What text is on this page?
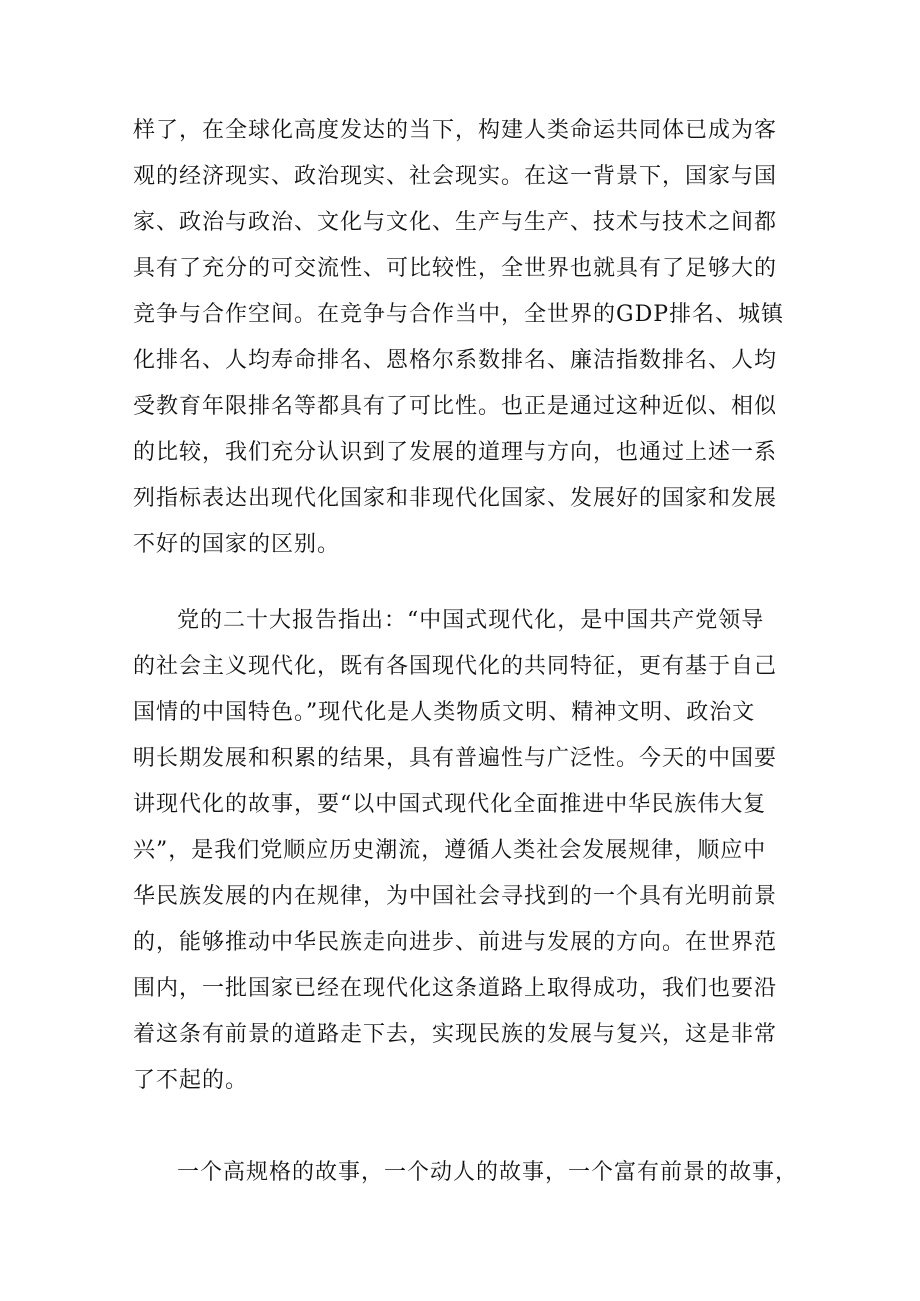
样了，在全球化高度发达的当下，构建人类命运共同体已成为客
观的经济现实、政治现实、社会现实。在这一背景下，国家与国
家、政治与政治、文化与文化、生产与生产、技术与技术之间都
具有了充分的可交流性、可比较性，全世界也就具有了足够大的
竞争与合作空间。在竞争与合作当中，全世界的GDP排名、城镇
化排名、人均寿命排名、恩格尔系数排名、廉洁指数排名、人均
受教育年限排名等都具有了可比性。也正是通过这种近似、相似
的比较，我们充分认识到了发展的道理与方向，也通过上述一系
列指标表达出现代化国家和非现代化国家、发展好的国家和发展
不好的国家的区别。
党的二十大报告指出：“中国式现代化，是中国共产党领导
的社会主义现代化，既有各国现代化的共同特征，更有基于自己
国情的中国特色。”现代化是人类物质文明、精神文明、政治文
明长期发展和积累的结果，具有普遍性与广泛性。今天的中国要
讲现代化的故事，要“以中国式现代化全面推进中华民族伟大复
兴”，是我们党顺应历史潮流，遵循人类社会发展规律，顺应中
华民族发展的内在规律，为中国社会寻找到的一个具有光明前景
的，能够推动中华民族走向进步、前进与发展的方向。在世界范
围内，一批国家已经在现代化这条道路上取得成功，我们也要沿
着这条有前景的道路走下去，实现民族的发展与复兴，这是非常
了不起的。
一个高规格的故事，一个动人的故事，一个富有前景的故事，
